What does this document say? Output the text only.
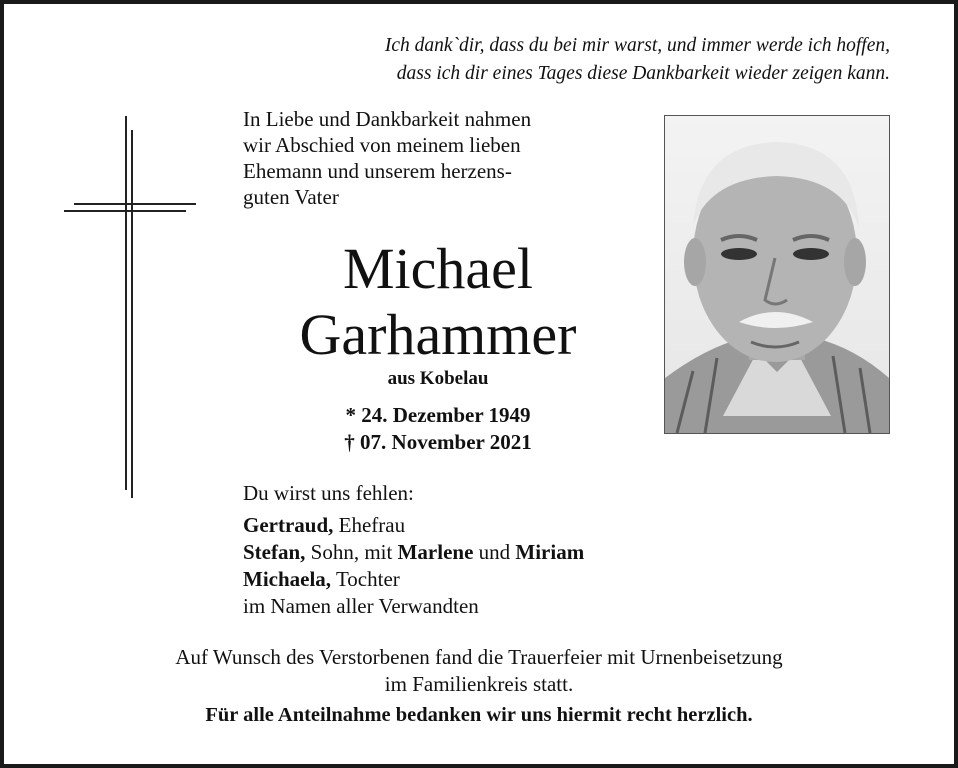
Ich dank`dir, dass du bei mir warst, und immer werde ich hoffen,
dass ich dir eines Tages diese Dankbarkeit wieder zeigen kann.
In Liebe und Dankbarkeit nahmen
wir Abschied von meinem lieben
Ehemann und unserem herzens-
guten Vater
Michael
Garhammer
aus Kobelau
* 24. Dezember 1949
† 07. November 2021
Du wirst uns fehlen:
Gertraud, Ehefrau
Stefan, Sohn, mit Marlene und Miriam
Michaela, Tochter
im Namen aller Verwandten
Auf Wunsch des Verstorbenen fand die Trauerfeier mit Urnenbeisetzung
im Familienkreis statt.
Für alle Anteilnahme bedanken wir uns hiermit recht herzlich.
